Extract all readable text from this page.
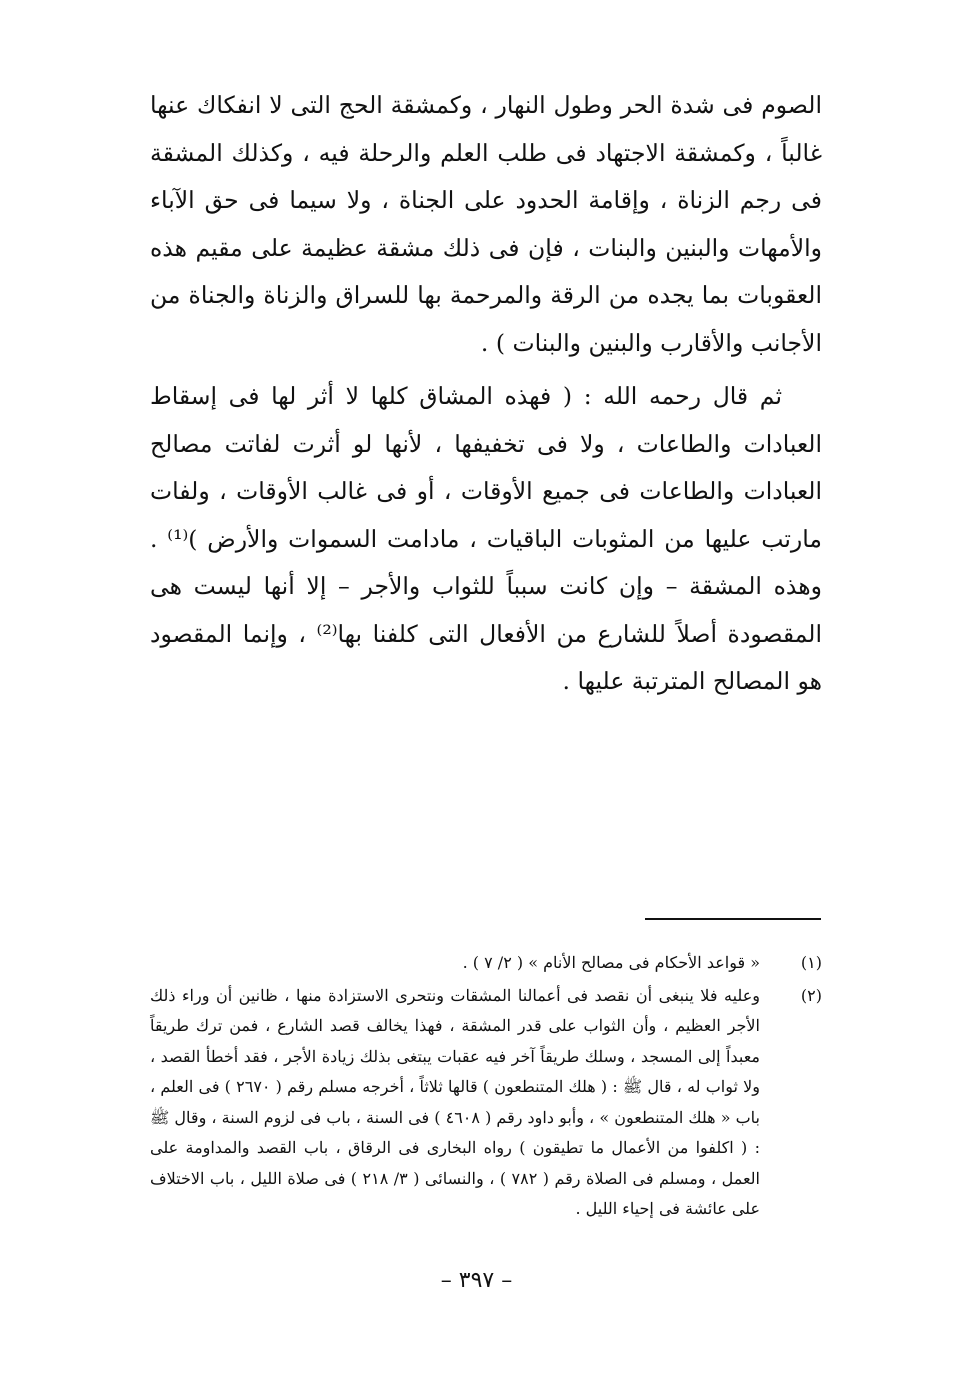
الصوم فى شدة الحر وطول النهار ، وكمشقة الحج التى لا انفكاك عنها غالباً ، وكمشقة الاجتهاد فى طلب العلم والرحلة فيه ، وكذلك المشقة فى رجم الزناة ، وإقامة الحدود على الجناة ، ولا سيما فى حق الآباء والأمهات والبنين والبنات ، فإن فى ذلك مشقة عظيمة على مقيم هذه العقوبات بما يجده من الرقة والمرحمة بها للسراق والزناة والجناة من الأجانب والأقارب والبنين والبنات ) .

ثم قال رحمه الله : ( فهذه المشاق كلها لا أثر لها فى إسقاط العبادات والطاعات ، ولا فى تخفيفها ، لأنها لو أثرت لفاتت مصالح العبادات والطاعات فى جميع الأوقات ، أو فى غالب الأوقات ، ولفات مارتب عليها من المثوبات الباقيات ، مادامت السموات والأرض )⁽¹⁾ . وهذه المشقة – وإن كانت سبباً للثواب والأجر – إلا أنها ليست هى المقصودة أصلاً للشارع من الأفعال التى كلفنا بها⁽²⁾ ، وإنما المقصود هو المصالح المترتبة عليها .

(١)
« قواعد الأحكام فى مصالح الأنام » ( ٢/ ٧ ) .
(٢)
وعليه فلا ينبغى أن نقصد فى أعمالنا المشقات ونتحرى الاستزادة منها ، ظانين أن وراء ذلك الأجر العظيم ، وأن الثواب على قدر المشقة ، فهذا يخالف قصد الشارع ، فمن ترك طريقاً معبداً إلى المسجد ، وسلك طريقاً آخر فيه عقبات يبتغى بذلك زيادة الأجر ، فقد أخطأ القصد ، ولا ثواب له ، قال ﷺ : ( هلك المتنطعون ) قالها ثلاثاً ، أخرجه مسلم رقم ( ٢٦٧٠ ) فى العلم ، باب « هلك المتنطعون » ، وأبو داود رقم ( ٤٦٠٨ ) فى السنة ، باب فى لزوم السنة ، وقال ﷺ : ( اكلفوا من الأعمال ما تطيقون ) رواه البخارى فى الرقاق ، باب القصد والمداومة على العمل ، ومسلم فى الصلاة رقم ( ٧٨٢ ) ، والنسائى ( ٣/ ٢١٨ ) فى صلاة الليل ، باب الاختلاف على عائشة فى إحياء الليل .
– ٣٩٧ –
